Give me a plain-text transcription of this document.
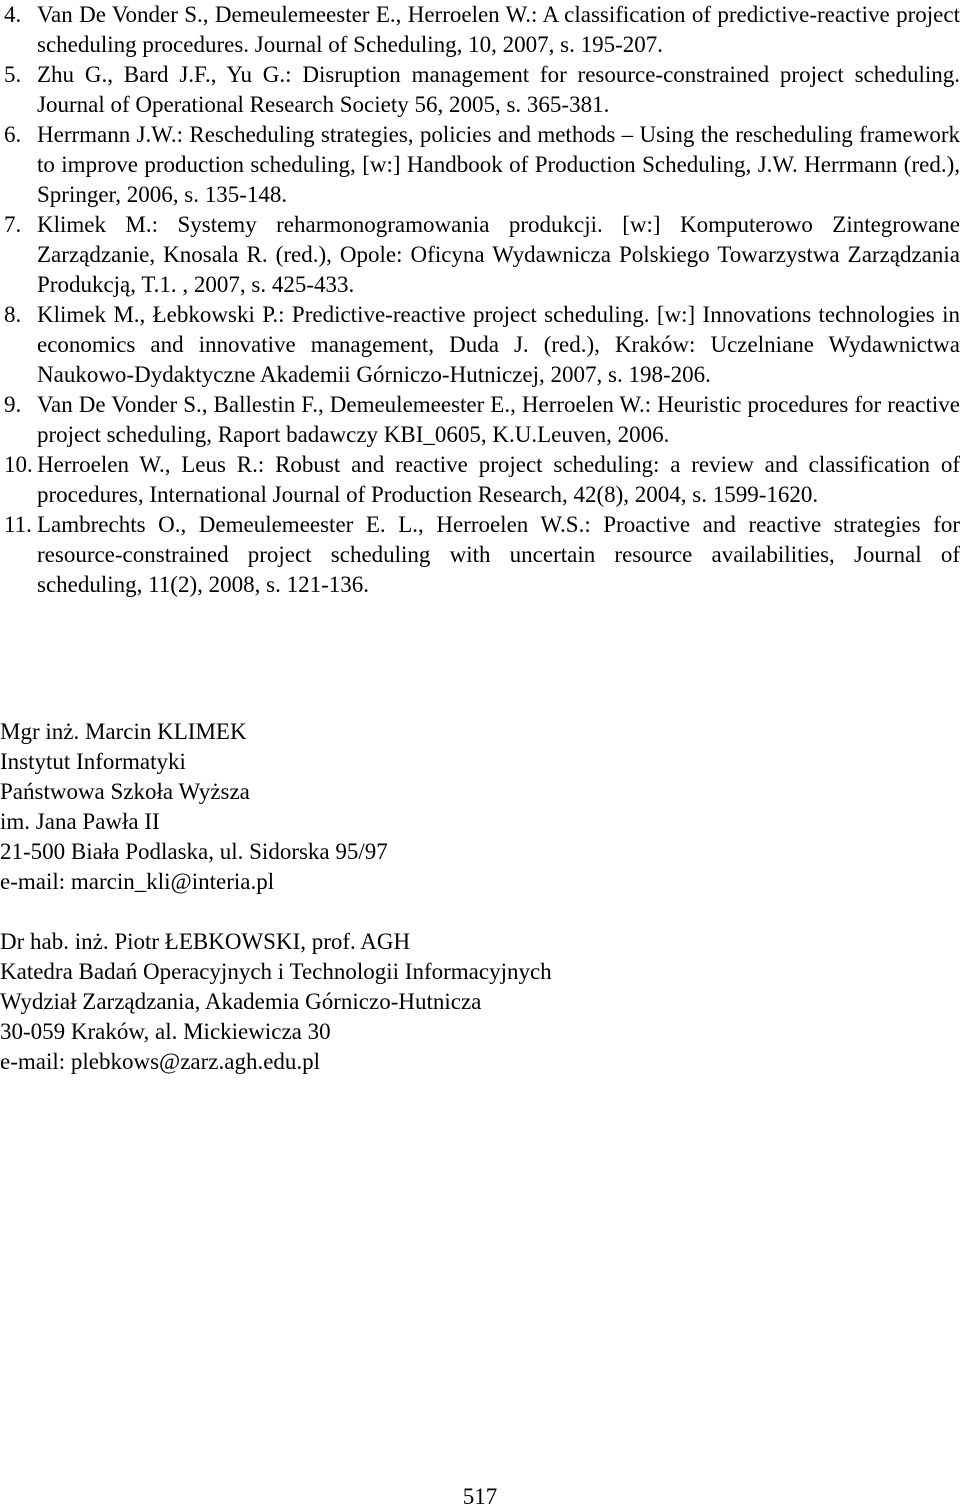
4. Van De Vonder S., Demeulemeester E., Herroelen W.: A classification of predictive-reactive project scheduling procedures. Journal of Scheduling, 10, 2007, s. 195-207.
5. Zhu G., Bard J.F., Yu G.: Disruption management for resource-constrained project scheduling. Journal of Operational Research Society 56, 2005, s. 365-381.
6. Herrmann J.W.: Rescheduling strategies, policies and methods – Using the rescheduling framework to improve production scheduling, [w:] Handbook of Production Scheduling, J.W. Herrmann (red.), Springer, 2006, s. 135-148.
7. Klimek M.: Systemy reharmonogramowania produkcji. [w:] Komputerowo Zintegrowane Zarządzanie, Knosala R. (red.), Opole: Oficyna Wydawnicza Polskiego Towarzystwa Zarządzania Produkcją, T.1. , 2007, s. 425-433.
8. Klimek M., Łebkowski P.: Predictive-reactive project scheduling. [w:] Innovations technologies in economics and innovative management, Duda J. (red.), Kraków: Uczelniane Wydawnictwa Naukowo-Dydaktyczne Akademii Górniczo-Hutniczej, 2007, s. 198-206.
9. Van De Vonder S., Ballestin F., Demeulemeester E., Herroelen W.: Heuristic procedures for reactive project scheduling, Raport badawczy KBI_0605, K.U.Leuven, 2006.
10. Herroelen W., Leus R.: Robust and reactive project scheduling: a review and classification of procedures, International Journal of Production Research, 42(8), 2004, s. 1599-1620.
11. Lambrechts O., Demeulemeester E. L., Herroelen W.S.: Proactive and reactive strategies for resource-constrained project scheduling with uncertain resource availabilities, Journal of scheduling, 11(2), 2008, s. 121-136.
Mgr inż. Marcin KLIMEK
Instytut Informatyki
Państwowa Szkoła Wyższa
im. Jana Pawła II
21-500 Biała Podlaska, ul. Sidorska 95/97
e-mail: marcin_kli@interia.pl
Dr hab. inż. Piotr ŁEBKOWSKI, prof. AGH
Katedra Badań Operacyjnych i Technologii Informacyjnych
Wydział Zarządzania, Akademia Górniczo-Hutnicza
30-059 Kraków, al. Mickiewicza 30
e-mail: plebkows@zarz.agh.edu.pl
517
